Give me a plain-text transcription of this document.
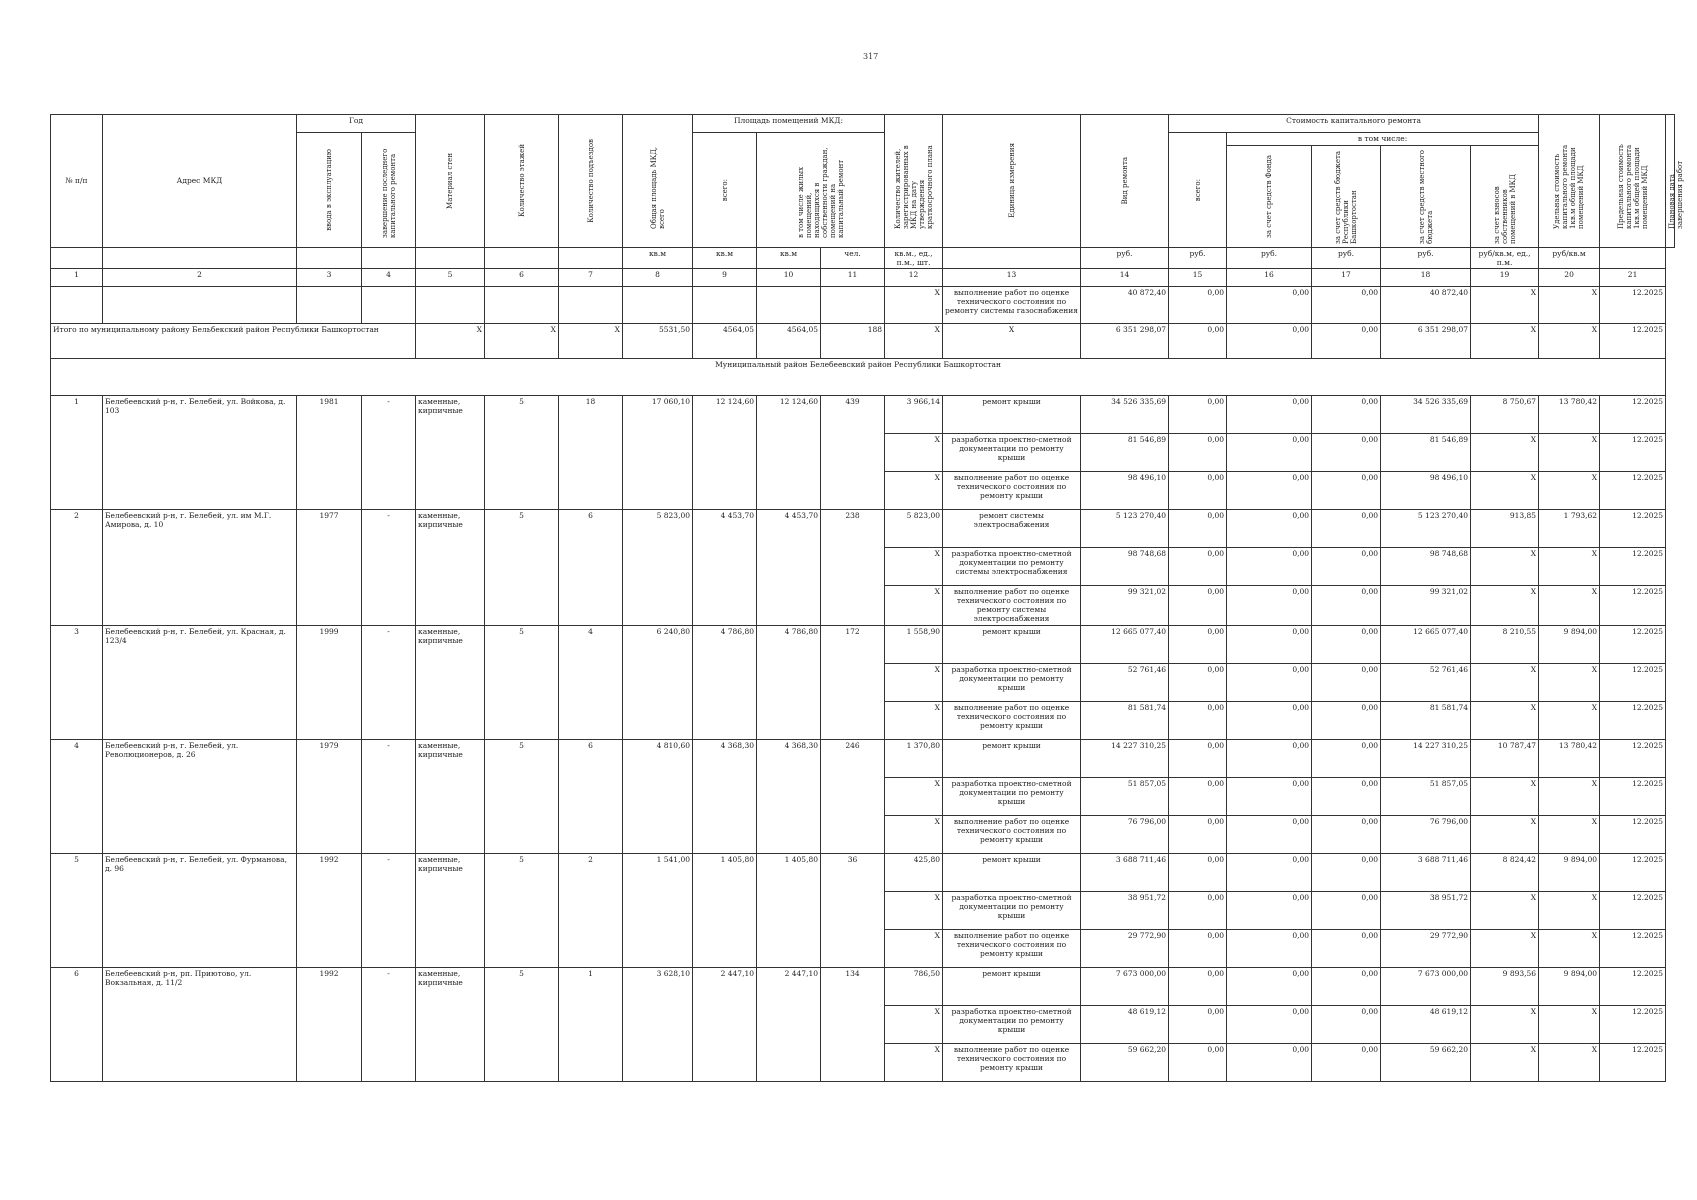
317
№ п/п	Адрес МКД	Год		Материал стен	Количество этажей	Количество подъездов	Общая площадь МКД, всего	Площадь помещений МКД:			Количество жителей, зарегистрированных в МКД на дату утверждения краткосрочного плана	Единица измерения	Вид ремонта	Стоимость капитального ремонта					Удельная стоимость капитального ремонта 1кв.м общей площади помещений МКД	Предельная стоимость капитального ремонта 1кв.м общей площади помещений МКД	Плановая дата завершения работ

		ввода в эксплуатацию	завершение последнего капитального ремонта					всего:	в том числе жилых помещений, находящихся в собственности граждан, помещений на капитальный ремонт					всего:	в том числе:						

															за счет средств Фонда	за счет средств бюджета Республики Башкортостан	за счет средств местного бюджета	за счет взносов собственников помещений в МКД			

							кв.м	кв.м	кв.м	чел.	кв.м., ед., п.м., шт.		руб.	руб.	руб.	руб.	руб.	руб/кв.м, ед., п.м.	руб/кв.м		
1	2	3	4	5	6	7	8	9	10	11	12	13	14	15	16	17	18	19	20	21	
											X	выполнение работ по оценке технического состояния по ремонту системы газоснабжения	40 872,40	0,00	0,00	0,00	40 872,40	X	X	12.2025	
Итого по муниципальному району Бельбекский район Республики Башкортостан				X	X	X	5531,50	4564,05	4564,05	188	X	X	6 351 298,07	0,00	0,00	0,00	6 351 298,07	X	X	12.2025	
Муниципальный район Белебеевский район Республики Башкортостан																					
1	Белебеевский р-н, г. Белебей, ул. Войкова, д. 103	1981	-	каменные, кирпичные	5	18	17 060,10	12 124,60	12 124,60	439	3 966,14	ремонт крыши	34 526 335,69	0,00	0,00	0,00	34 526 335,69	8 750,67	13 780,42	12.2025	
											X	разработка проектно-сметной документации по ремонту крыши	81 546,89	0,00	0,00	0,00	81 546,89	X	X	12.2025	
											X	выполнение работ по оценке технического состояния по ремонту крыши	98 496,10	0,00	0,00	0,00	98 496,10	X	X	12.2025	
2	Белебеевский р-н, г. Белебей, ул. им М.Г. Амирова, д. 10	1977	-	каменные, кирпичные	5	6	5 823,00	4 453,70	4 453,70	238	5 823,00	ремонт системы электроснабжения	5 123 270,40	0,00	0,00	0,00	5 123 270,40	913,85	1 793,62	12.2025	
											X	разработка проектно-сметной документации по ремонту системы электроснабжения	98 748,68	0,00	0,00	0,00	98 748,68	X	X	12.2025	
											X	выполнение работ по оценке технического состояния по ремонту системы электроснабжения	99 321,02	0,00	0,00	0,00	99 321,02	X	X	12.2025	
3	Белебеевский р-н, г. Белебей, ул. Красная, д. 123/4	1999	-	каменные, кирпичные	5	4	6 240,80	4 786,80	4 786,80	172	1 558,90	ремонт крыши	12 665 077,40	0,00	0,00	0,00	12 665 077,40	8 210,55	9 894,00	12.2025	
											X	разработка проектно-сметной документации по ремонту крыши	52 761,46	0,00	0,00	0,00	52 761,46	X	X	12.2025	
											X	выполнение работ по оценке технического состояния по ремонту крыши	81 581,74	0,00	0,00	0,00	81 581,74	X	X	12.2025	
4	Белебеевский р-н, г. Белебей, ул. Революционеров, д. 26	1979	-	каменные, кирпичные	5	6	4 810,60	4 368,30	4 368,30	246	1 370,80	ремонт крыши	14 227 310,25	0,00	0,00	0,00	14 227 310,25	10 787,47	13 780,42	12.2025	
											X	разработка проектно-сметной документации по ремонту крыши	51 857,05	0,00	0,00	0,00	51 857,05	X	X	12.2025	
											X	выполнение работ по оценке технического состояния по ремонту крыши	76 796,00	0,00	0,00	0,00	76 796,00	X	X	12.2025	
5	Белебеевский р-н, г. Белебей, ул. Фурманова, д. 96	1992	-	каменные, кирпичные	5	2	1 541,00	1 405,80	1 405,80	36	425,80	ремонт крыши	3 688 711,46	0,00	0,00	0,00	3 688 711,46	8 824,42	9 894,00	12.2025	
											X	разработка проектно-сметной документации по ремонту крыши	38 951,72	0,00	0,00	0,00	38 951,72	X	X	12.2025	
											X	выполнение работ по оценке технического состояния по ремонту крыши	29 772,90	0,00	0,00	0,00	29 772,90	X	X	12.2025	
6	Белебеевский р-н, рп. Приютово, ул. Вокзальная, д. 11/2	1992	-	каменные, кирпичные	5	1	3 628,10	2 447,10	2 447,10	134	786,50	ремонт крыши	7 673 000,00	0,00	0,00	0,00	7 673 000,00	9 893,56	9 894,00	12.2025	
											X	разработка проектно-сметной документации по ремонту крыши	48 619,12	0,00	0,00	0,00	48 619,12	X	X	12.2025	
											X	выполнение работ по оценке технического состояния по ремонту крыши	59 662,20	0,00	0,00	0,00	59 662,20	X	X	12.2025	
